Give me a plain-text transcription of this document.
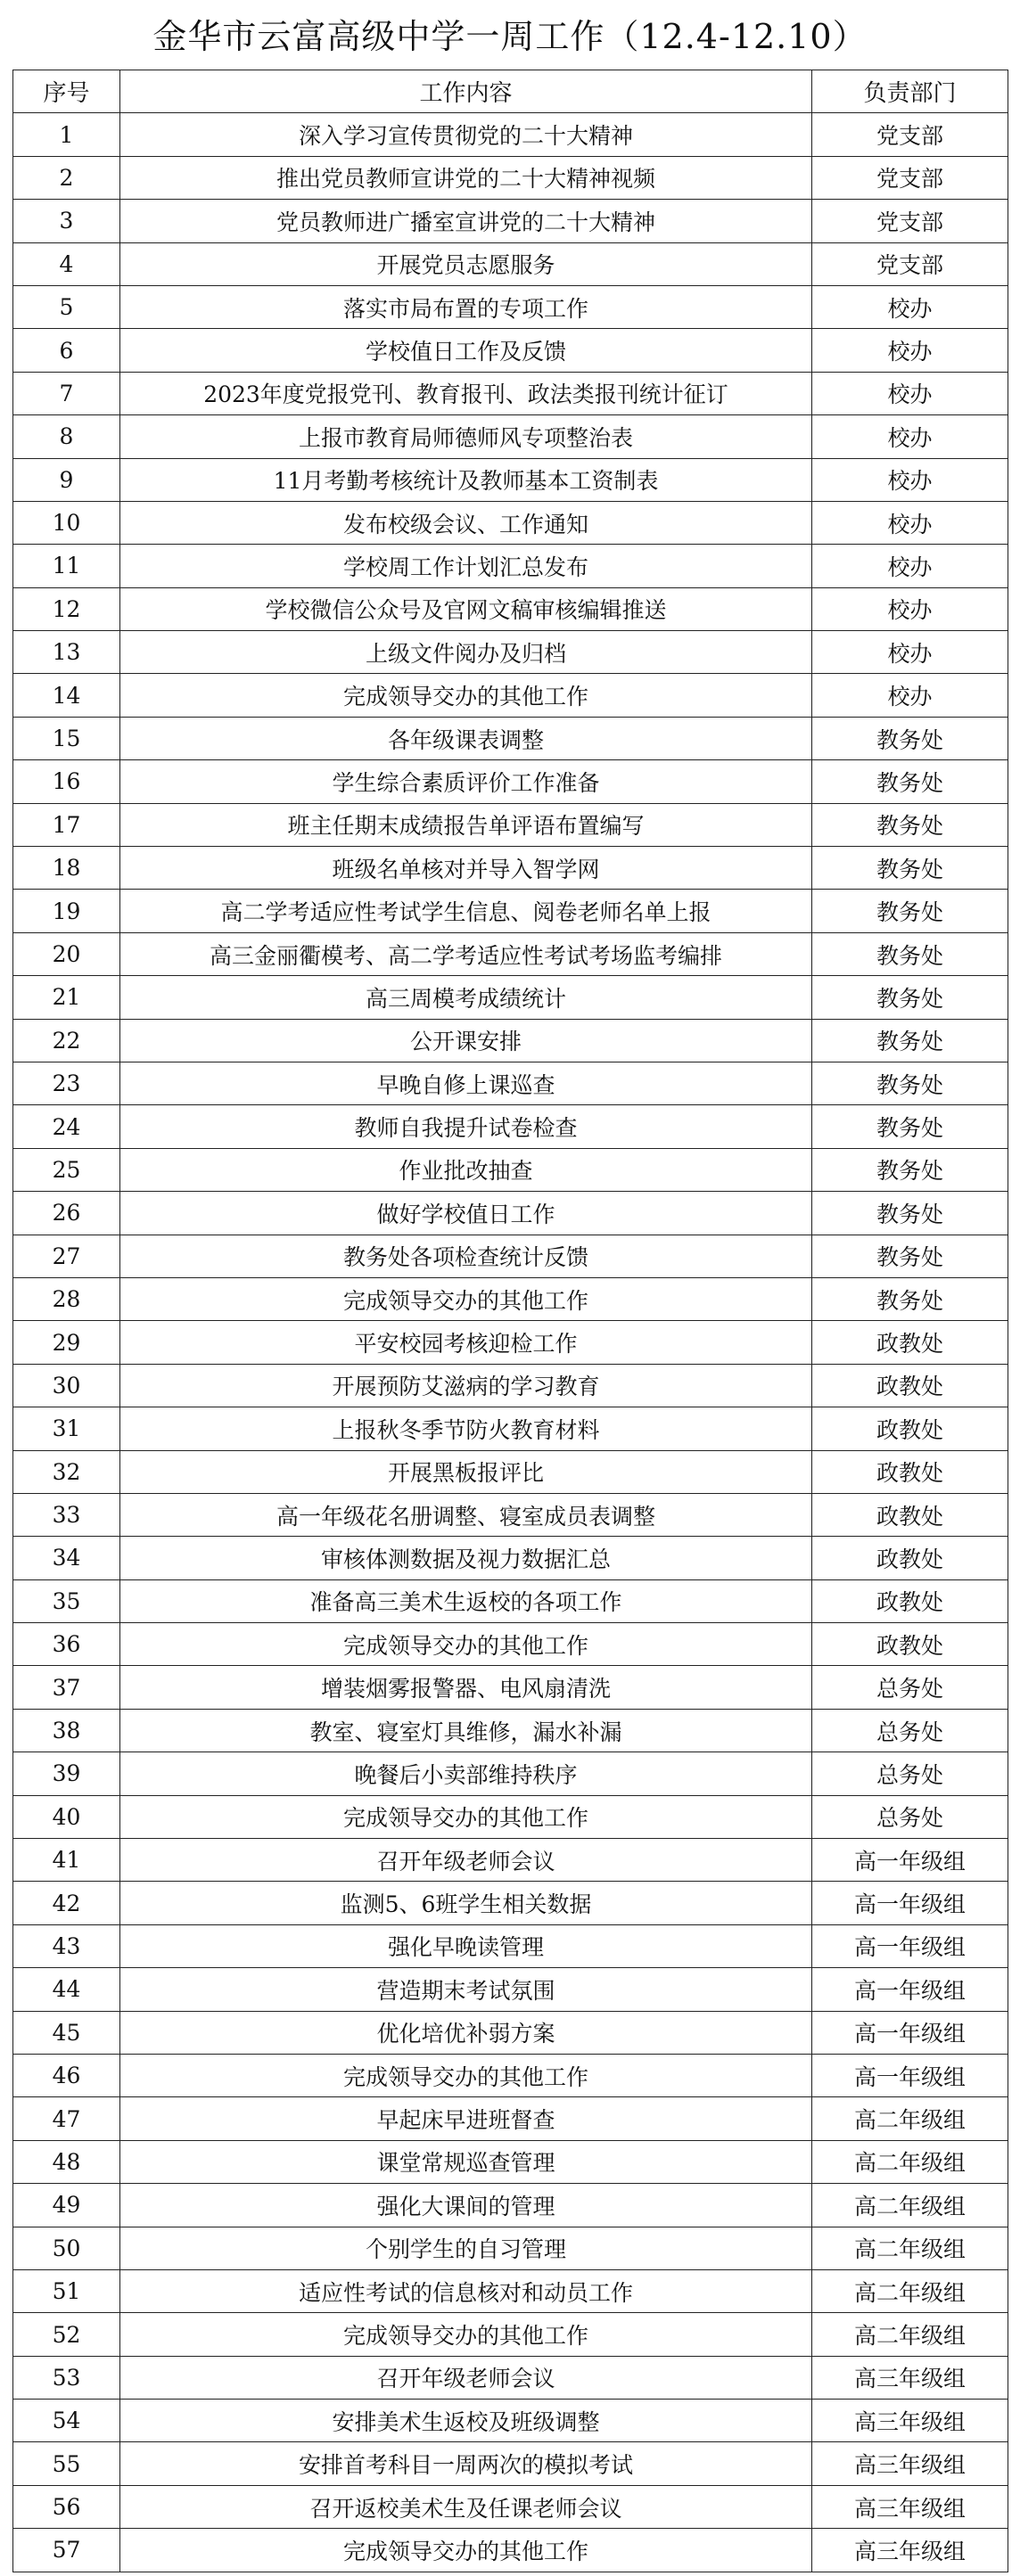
金华市云富高级中学一周工作（12.4-12.10）
序号	工作内容	负责部门
1	深入学习宣传贯彻党的二十大精神	党支部
2	推出党员教师宣讲党的二十大精神视频	党支部
3	党员教师进广播室宣讲党的二十大精神	党支部
4	开展党员志愿服务	党支部
5	落实市局布置的专项工作	校办
6	学校值日工作及反馈	校办
7	2023年度党报党刊、教育报刊、政法类报刊统计征订	校办
8	上报市教育局师德师风专项整治表	校办
9	11月考勤考核统计及教师基本工资制表	校办
10	发布校级会议、工作通知	校办
11	学校周工作计划汇总发布	校办
12	学校微信公众号及官网文稿审核编辑推送	校办
13	上级文件阅办及归档	校办
14	完成领导交办的其他工作	校办
15	各年级课表调整	教务处
16	学生综合素质评价工作准备	教务处
17	班主任期末成绩报告单评语布置编写	教务处
18	班级名单核对并导入智学网	教务处
19	高二学考适应性考试学生信息、阅卷老师名单上报	教务处
20	高三金丽衢模考、高二学考适应性考试考场监考编排	教务处
21	高三周模考成绩统计	教务处
22	公开课安排	教务处
23	早晚自修上课巡查	教务处
24	教师自我提升试卷检查	教务处
25	作业批改抽查	教务处
26	做好学校值日工作	教务处
27	教务处各项检查统计反馈	教务处
28	完成领导交办的其他工作	教务处
29	平安校园考核迎检工作	政教处
30	开展预防艾滋病的学习教育	政教处
31	上报秋冬季节防火教育材料	政教处
32	开展黑板报评比	政教处
33	高一年级花名册调整、寝室成员表调整	政教处
34	审核体测数据及视力数据汇总	政教处
35	准备高三美术生返校的各项工作	政教处
36	完成领导交办的其他工作	政教处
37	增装烟雾报警器、电风扇清洗	总务处
38	教室、寝室灯具维修，漏水补漏	总务处
39	晚餐后小卖部维持秩序	总务处
40	完成领导交办的其他工作	总务处
41	召开年级老师会议	高一年级组
42	监测5、6班学生相关数据	高一年级组
43	强化早晚读管理	高一年级组
44	营造期末考试氛围	高一年级组
45	优化培优补弱方案	高一年级组
46	完成领导交办的其他工作	高一年级组
47	早起床早进班督查	高二年级组
48	课堂常规巡查管理	高二年级组
49	强化大课间的管理	高二年级组
50	个别学生的自习管理	高二年级组
51	适应性考试的信息核对和动员工作	高二年级组
52	完成领导交办的其他工作	高二年级组
53	召开年级老师会议	高三年级组
54	安排美术生返校及班级调整	高三年级组
55	安排首考科目一周两次的模拟考试	高三年级组
56	召开返校美术生及任课老师会议	高三年级组
57	完成领导交办的其他工作	高三年级组
